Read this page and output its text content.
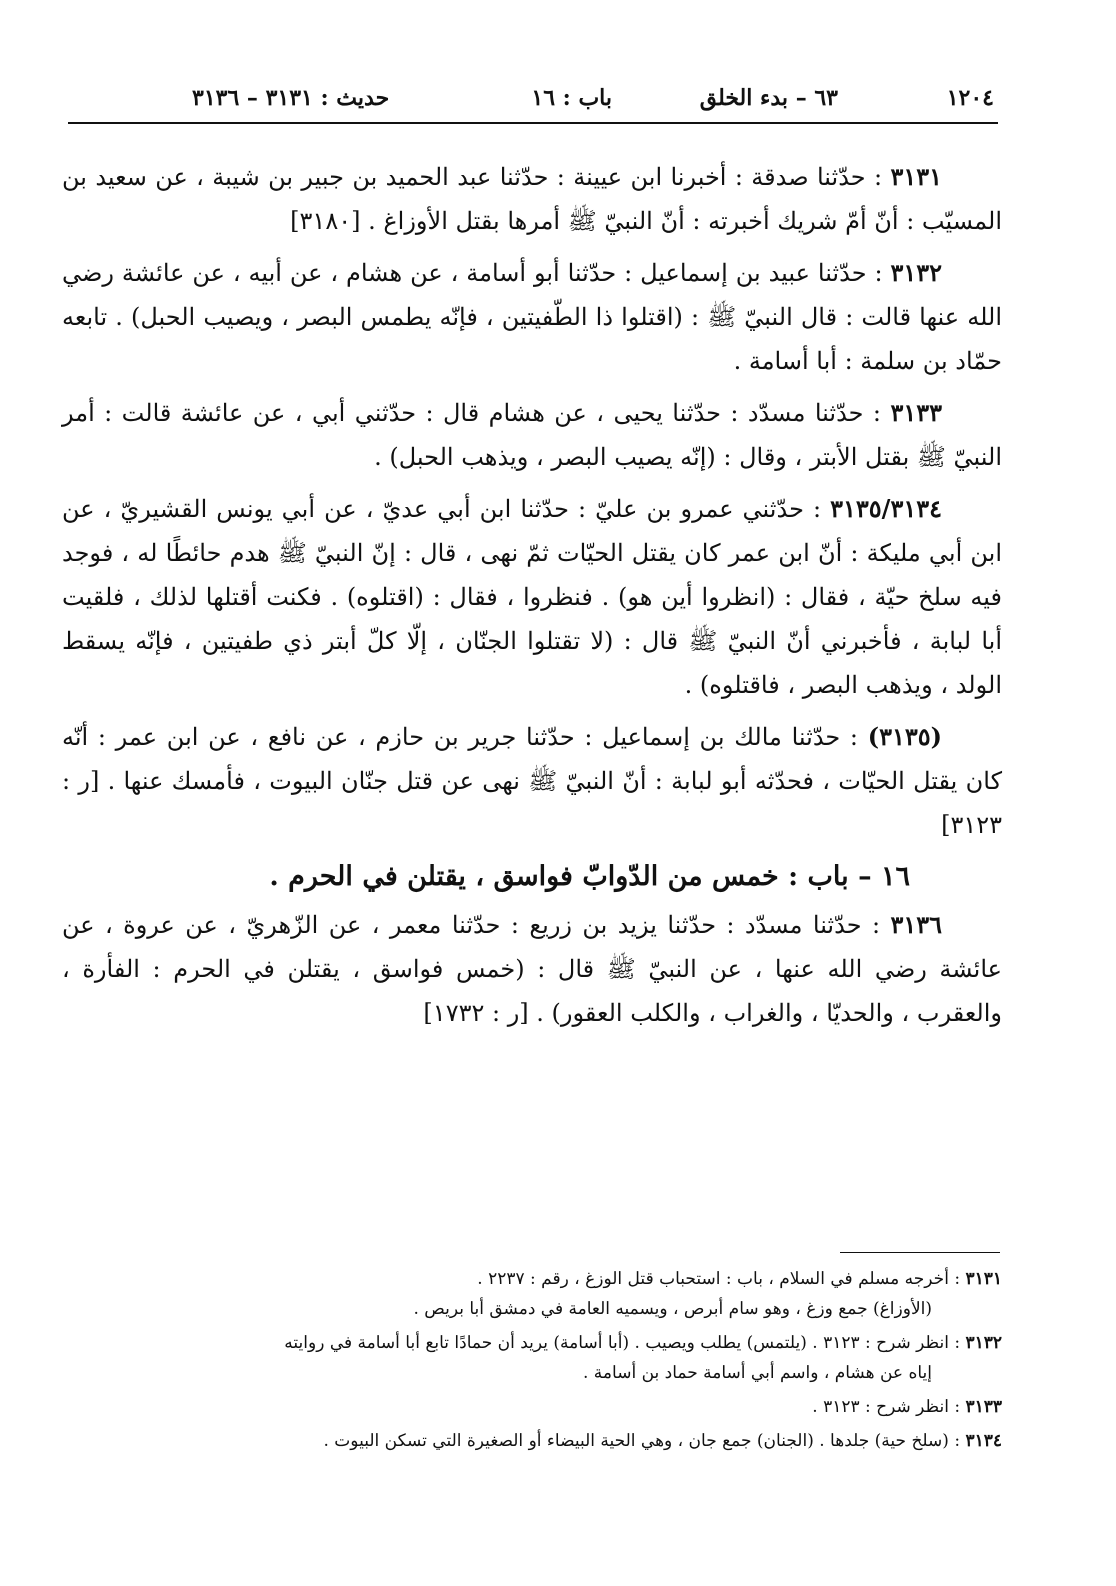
١٢٠٤
٦٣ – بدء الخلق
باب : ١٦
حديث : ٣١٣١ – ٣١٣٦

٣١٣١ : حدّثنا صدقة : أخبرنا ابن عيينة : حدّثنا عبد الحميد بن جبير بن شيبة ، عن سعيد بن المسيّب : أنّ أمّ شريك أخبرته : أنّ النبيّ ﷺ أمرها بقتل الأوزاغ . [٣١٨٠]

٣١٣٢ : حدّثنا عبيد بن إسماعيل : حدّثنا أبو أسامة ، عن هشام ، عن أبيه ، عن عائشة رضي الله عنها قالت : قال النبيّ ﷺ : (اقتلوا ذا الطّفيتين ، فإنّه يطمس البصر ، ويصيب الحبل) . تابعه حمّاد بن سلمة : أبا أسامة .

٣١٣٣ : حدّثنا مسدّد : حدّثنا يحيى ، عن هشام قال : حدّثني أبي ، عن عائشة قالت : أمر النبيّ ﷺ بقتل الأبتر ، وقال : (إنّه يصيب البصر ، ويذهب الحبل) .

٣١٣٥/٣١٣٤ : حدّثني عمرو بن عليّ : حدّثنا ابن أبي عديّ ، عن أبي يونس القشيريّ ، عن ابن أبي مليكة : أنّ ابن عمر كان يقتل الحيّات ثمّ نهى ، قال : إنّ النبيّ ﷺ هدم حائطًا له ، فوجد فيه سلخ حيّة ، فقال : (انظروا أين هو) . فنظروا ، فقال : (اقتلوه) . فكنت أقتلها لذلك ، فلقيت أبا لبابة ، فأخبرني أنّ النبيّ ﷺ قال : (لا تقتلوا الجنّان ، إلّا كلّ أبتر ذي طفيتين ، فإنّه يسقط الولد ، ويذهب البصر ، فاقتلوه) .

(٣١٣٥) : حدّثنا مالك بن إسماعيل : حدّثنا جرير بن حازم ، عن نافع ، عن ابن عمر : أنّه كان يقتل الحيّات ، فحدّثه أبو لبابة : أنّ النبيّ ﷺ نهى عن قتل جنّان البيوت ، فأمسك عنها . [ر : ٣١٢٣]

١٦ – باب : خمس من الدّوابّ فواسق ، يقتلن في الحرم .

٣١٣٦ : حدّثنا مسدّد : حدّثنا يزيد بن زريع : حدّثنا معمر ، عن الزّهريّ ، عن عروة ، عن عائشة رضي الله عنها ، عن النبيّ ﷺ قال : (خمس فواسق ، يقتلن في الحرم : الفأرة ، والعقرب ، والحديّا ، والغراب ، والكلب العقور) . [ر : ١٧٣٢]

٣١٣١ : أخرجه مسلم في السلام ، باب : استحباب قتل الوزغ ، رقم : ٢٢٣٧ .
(الأوزاغ) جمع وزغ ، وهو سام أبرص ، ويسميه العامة في دمشق أبا بريص .
٣١٣٢ : انظر شرح : ٣١٢٣ . (يلتمس) يطلب ويصيب . (أبا أسامة) يريد أن حمادًا تابع أبا أسامة في روايته
إياه عن هشام ، واسم أبي أسامة حماد بن أسامة .
٣١٣٣ : انظر شرح : ٣١٢٣ .
٣١٣٤ : (سلخ حية) جلدها . (الجنان) جمع جان ، وهي الحية البيضاء أو الصغيرة التي تسكن البيوت .
